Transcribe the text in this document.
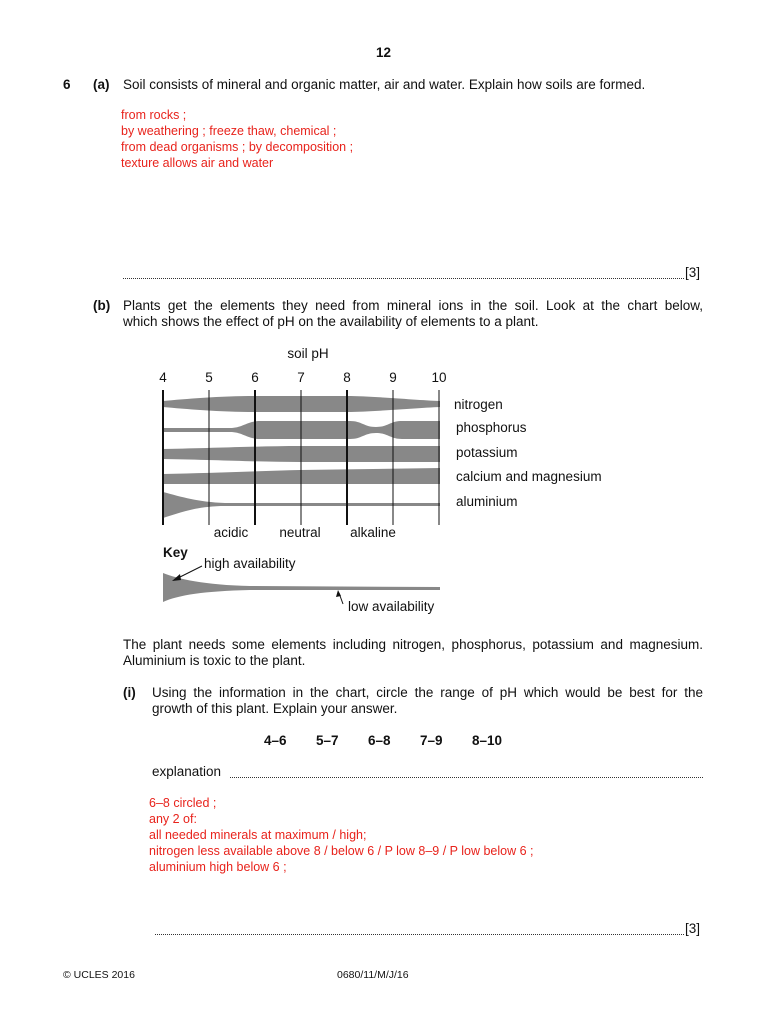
12
6 (a) Soil consists of mineral and organic matter, air and water. Explain how soils are formed.
from rocks ;
by weathering ; freeze thaw, chemical ;
from dead organisms ; by decomposition ;
texture allows air and water
[3]
(b) Plants get the elements they need from mineral ions in the soil. Look at the chart below,
which shows the effect of pH on the availability of elements to a plant.
soil pH
4	5	6	7	8	9	10
nitrogen
phosphorus
potassium
calcium and magnesium
aluminium
acidic neutral alkaline
Key
high availability
low availability
The plant needs some elements including nitrogen, phosphorus, potassium and magnesium.
Aluminium is toxic to the plant.
(i) Using the information in the chart, circle the range of pH which would be best for the
growth of this plant. Explain your answer.
4–6 5–7 6–8 7–9 8–10
explanation
6–8 circled ;
any 2 of:
all needed minerals at maximum / high;
nitrogen less available above 8 / below 6 / P low 8–9 / P low below 6 ;
aluminium high below 6 ;
[3]
© UCLES 2016	0680/11/M/J/16
